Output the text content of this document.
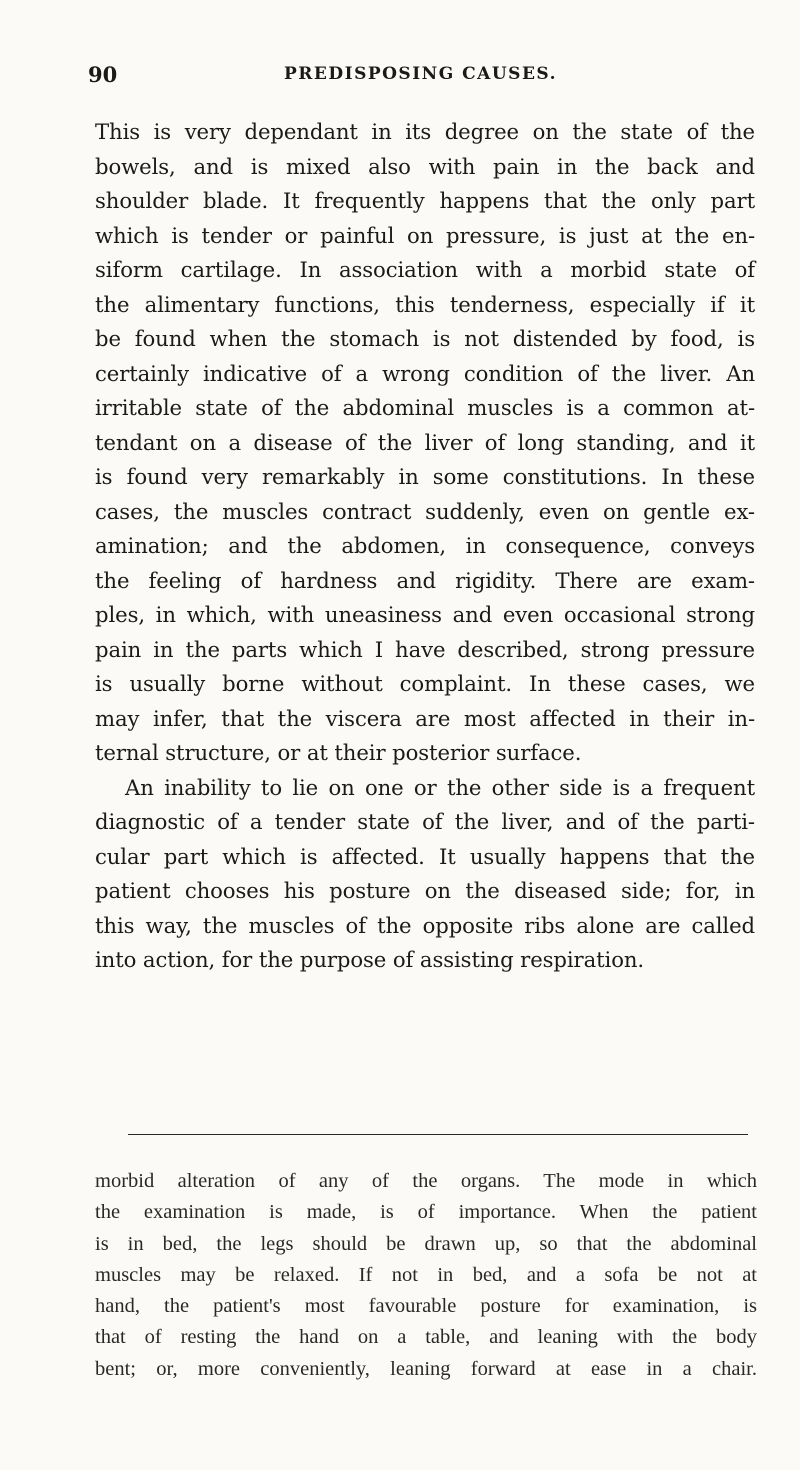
90	PREDISPOSING CAUSES.
This is very dependant in its degree on the state of the
bowels, and is mixed also with pain in the back and
shoulder blade. It frequently happens that the only part
which is tender or painful on pressure, is just at the en-
siform cartilage. In association with a morbid state of
the alimentary functions, this tenderness, especially if it
be found when the stomach is not distended by food, is
certainly indicative of a wrong condition of the liver. An
irritable state of the abdominal muscles is a common at-
tendant on a disease of the liver of long standing, and it
is found very remarkably in some constitutions. In these
cases, the muscles contract suddenly, even on gentle ex-
amination; and the abdomen, in consequence, conveys
the feeling of hardness and rigidity. There are exam-
ples, in which, with uneasiness and even occasional strong
pain in the parts which I have described, strong pressure
is usually borne without complaint. In these cases, we
may infer, that the viscera are most affected in their in-
ternal structure, or at their posterior surface.
An inability to lie on one or the other side is a frequent
diagnostic of a tender state of the liver, and of the parti-
cular part which is affected. It usually happens that the
patient chooses his posture on the diseased side; for, in
this way, the muscles of the opposite ribs alone are called
into action, for the purpose of assisting respiration.
morbid alteration of any of the organs. The mode in which
the examination is made, is of importance. When the patient
is in bed, the legs should be drawn up, so that the abdominal
muscles may be relaxed. If not in bed, and a sofa be not at
hand, the patient's most favourable posture for examination, is
that of resting the hand on a table, and leaning with the body
bent; or, more conveniently, leaning forward at ease in a chair.
